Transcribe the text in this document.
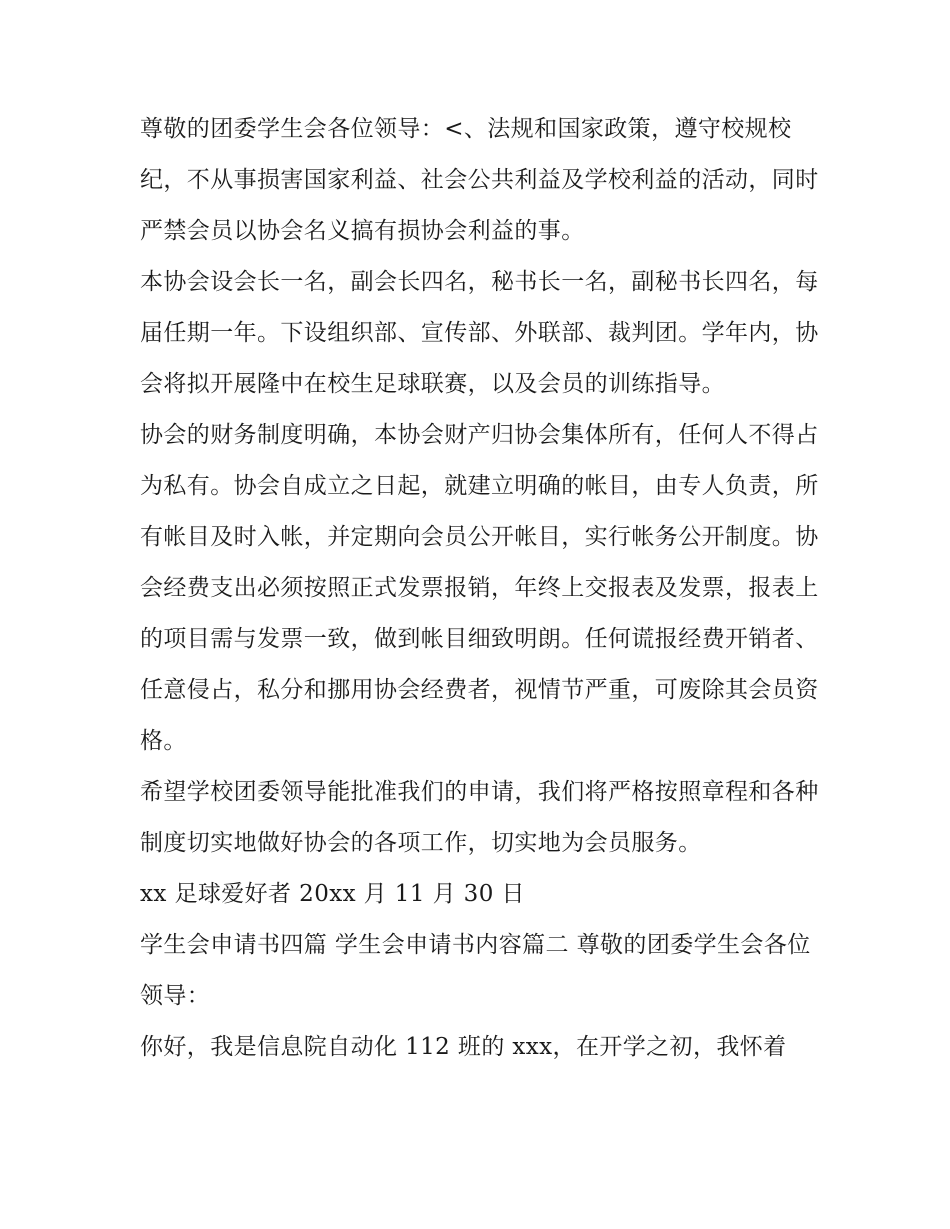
尊敬的团委学生会各位领导：<、法规和国家政策，遵守校规校纪，不从事损害国家利益、社会公共利益及学校利益的活动，同时严禁会员以协会名义搞有损协会利益的事。

本协会设会长一名，副会长四名，秘书长一名，副秘书长四名，每届任期一年。下设组织部、宣传部、外联部、裁判团。学年内，协会将拟开展隆中在校生足球联赛，以及会员的训练指导。

协会的财务制度明确，本协会财产归协会集体所有，任何人不得占为私有。协会自成立之日起，就建立明确的帐目，由专人负责，所有帐目及时入帐，并定期向会员公开帐目，实行帐务公开制度。协会经费支出必须按照正式发票报销，年终上交报表及发票，报表上的项目需与发票一致，做到帐目细致明朗。任何谎报经费开销者、任意侵占，私分和挪用协会经费者，视情节严重，可废除其会员资格。

希望学校团委领导能批准我们的申请，我们将严格按照章程和各种制度切实地做好协会的各项工作，切实地为会员服务。

xx 足球爱好者 20xx 月 11 月 30 日

学生会申请书四篇 学生会申请书内容篇二 尊敬的团委学生会各位领导：

你好，我是信息院自动化 112 班的 xxx，在开学之初，我怀着
